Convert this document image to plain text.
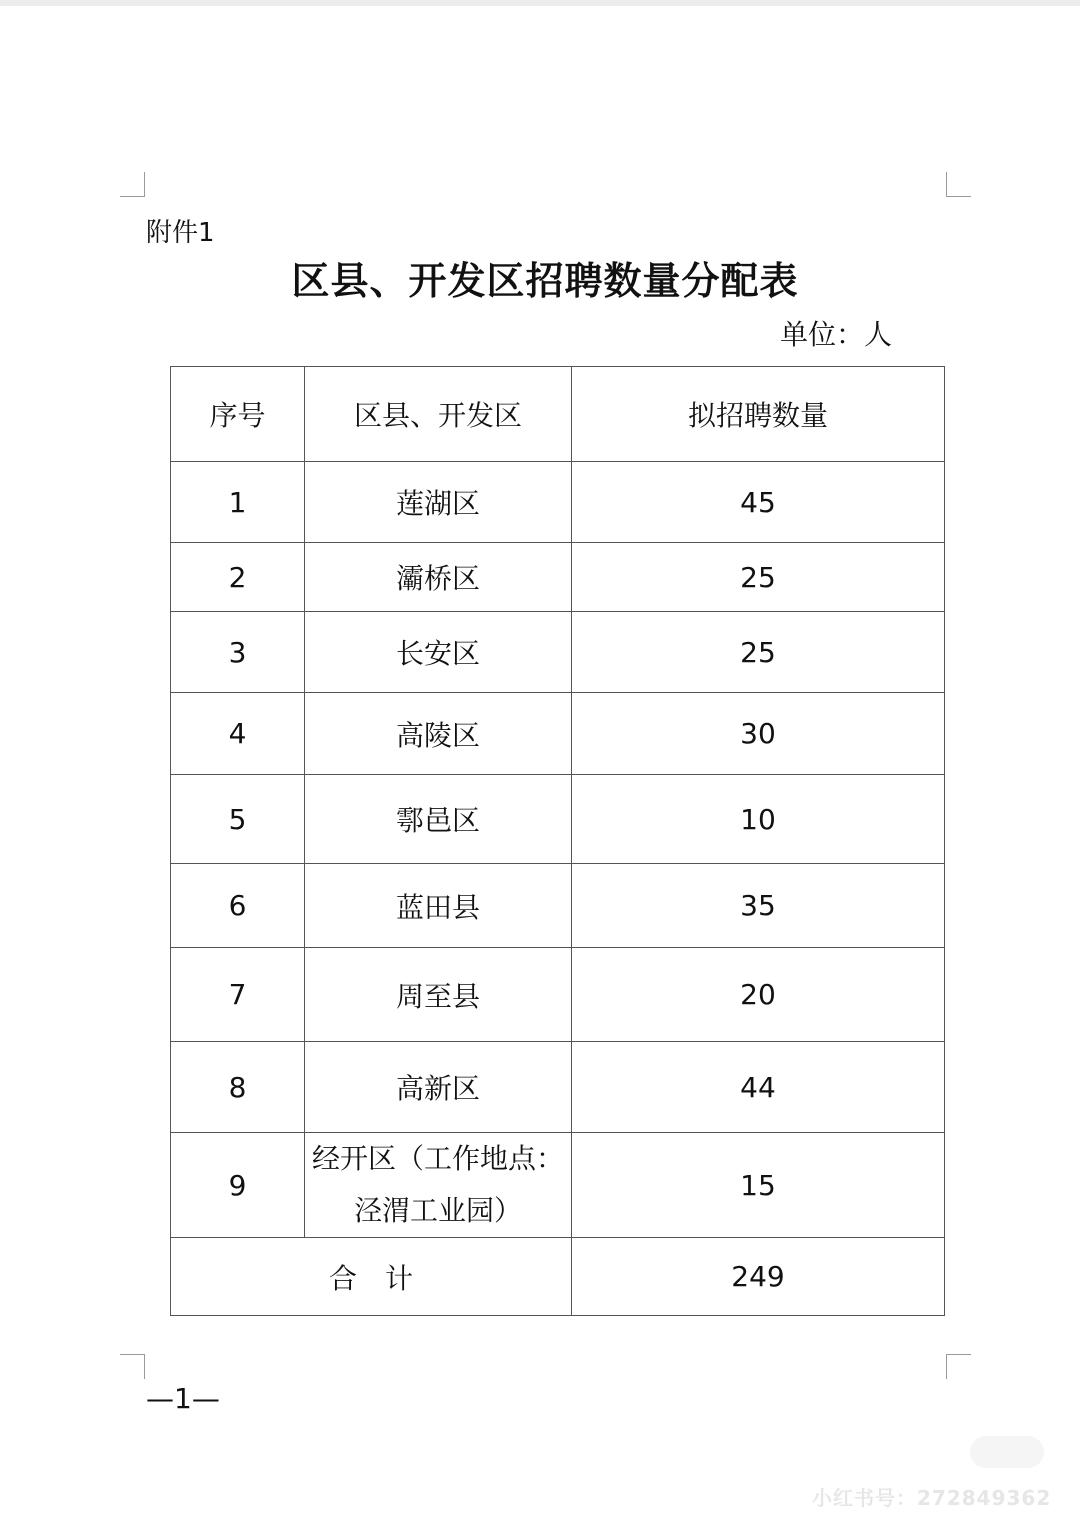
附件1
区县、开发区招聘数量分配表
单位：人
序号	区县、开发区	拟招聘数量
1	莲湖区	45
2	灞桥区	25
3	长安区	25
4	高陵区	30
5	鄠邑区	10
6	蓝田县	35
7	周至县	20
8	高新区	44
9	经开区（工作地点：泾渭工业园）	15
合　计		249
—1—
小红书号：272849362
